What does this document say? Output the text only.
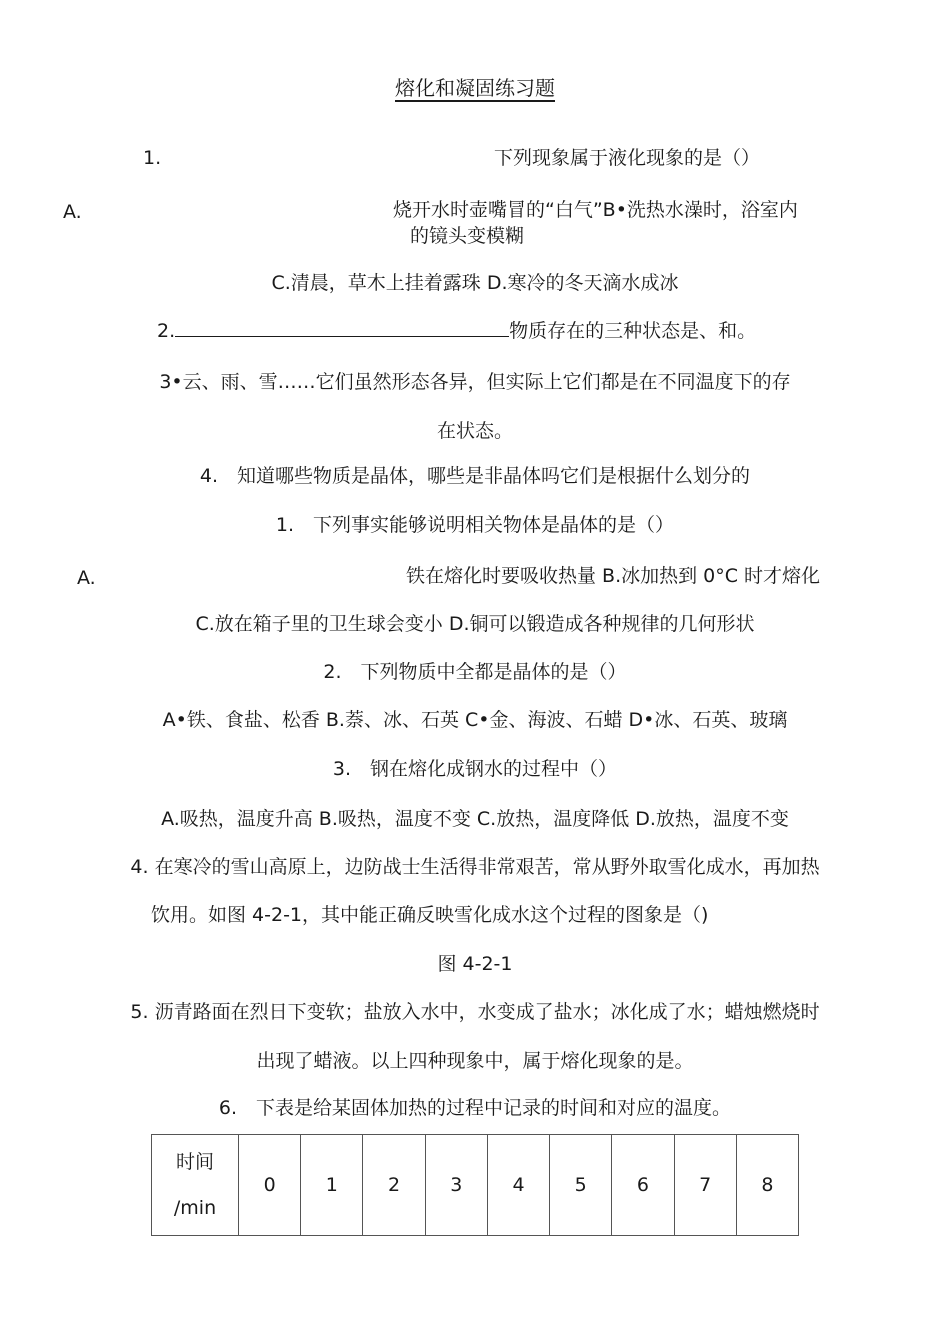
熔化和凝固练习题
1.	下列现象属于液化现象的是（）
A.	烧开水时壶嘴冒的“白气”B•洗热水澡时，浴室内
的镜头变模糊
C.清晨，草木上挂着露珠 D.寒冷的冬天滴水成冰
2.	物质存在的三种状态是、和。
3•云、雨、雪……它们虽然形态各异，但实际上它们都是在不同温度下的存
在状态。
4.　知道哪些物质是晶体，哪些是非晶体吗它们是根据什么划分的
1.　下列事实能够说明相关物体是晶体的是（）
A.	铁在熔化时要吸收热量 B.冰加热到 0°C 时才熔化
C.放在箱子里的卫生球会变小 D.铜可以锻造成各种规律的几何形状
2.　下列物质中全都是晶体的是（）
A•铁、食盐、松香 B.萘、冰、石英 C•金、海波、石蜡 D•冰、石英、玻璃
3.　钢在熔化成钢水的过程中（）
A.吸热，温度升高 B.吸热，温度不变 C.放热，温度降低 D.放热，温度不变
4. 在寒冷的雪山高原上，边防战士生活得非常艰苦，常从野外取雪化成水，再加热
饮用。如图 4-2-1，其中能正确反映雪化成水这个过程的图象是（)
图 4-2-1
5. 沥青路面在烈日下变软；盐放入水中，水变成了盐水；冰化成了水；蜡烛燃烧时
出现了蜡液。以上四种现象中，属于熔化现象的是。
6.　下表是给某固体加热的过程中记录的时间和对应的温度。
时间
/min
	0	1	2	3	4	5	6	7	8
